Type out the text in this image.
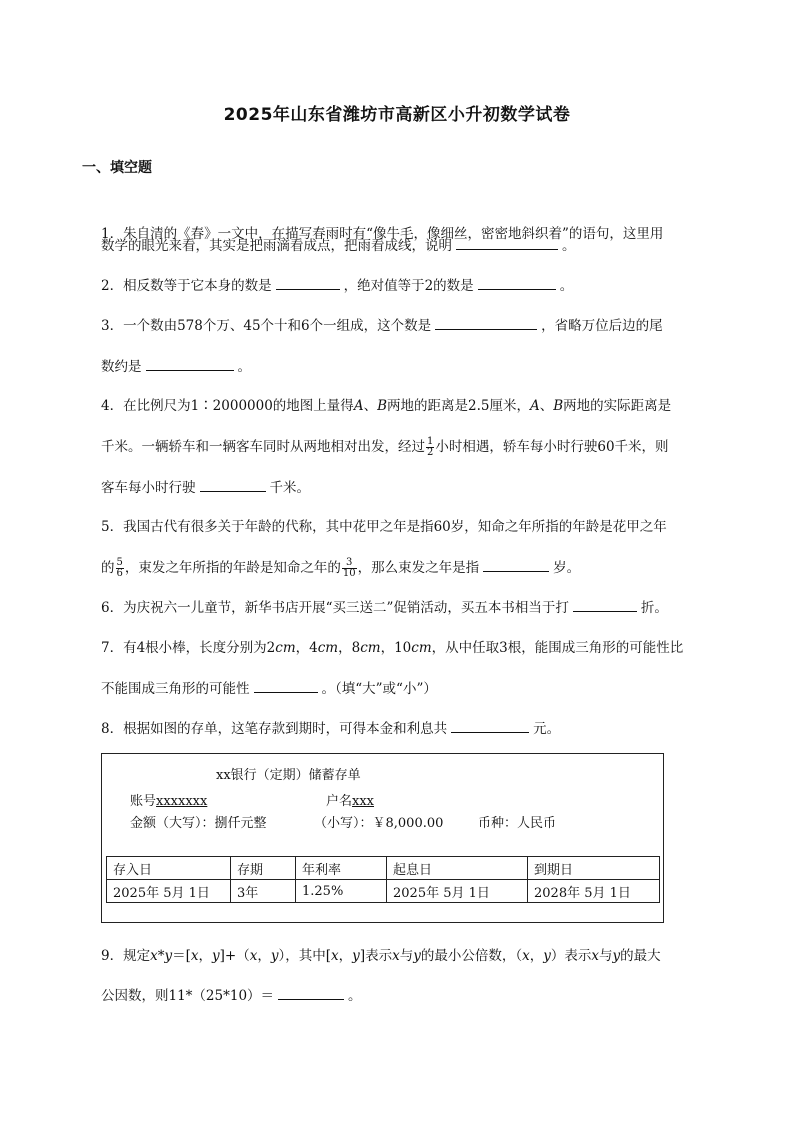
2025年山东省潍坊市高新区小升初数学试卷
一、填空题
1．朱自清的《春》一文中，在描写春雨时有“像牛毛，像细丝，密密地斜织着”的语句，这里用
数学的眼光来看，其实是把雨滴看成点，把雨看成线，说明	。
2．相反数等于它本身的数是	，绝对值等于2的数是	。
3．一个数由578个万、45个十和6个一组成，这个数是	，省略万位后边的尾
数约是	。
4．在比例尺为1∶2000000的地图上量得A、B两地的距离是2.5厘米，A、B两地的实际距离是
千米。一辆轿车和一辆客车同时从两地相对出发，经过 $\frac{1}{2}$ 小时相遇，轿车每小时行驶60千米，则
客车每小时行驶	千米。
5．我国古代有很多关于年龄的代称，其中花甲之年是指60岁，知命之年所指的年龄是花甲之年
的 $\frac{5}{6}$ ，束发之年所指的年龄是知命之年的 $\frac{3}{10}$ ，那么束发之年是指	岁。
6．为庆祝六一儿童节，新华书店开展“买三送二”促销活动，买五本书相当于打	折。
7．有4根小棒，长度分别为2cm，4cm，8cm，10cm，从中任取3根，能围成三角形的可能性比
不能围成三角形的可能性	。（填“大”或“小”）
8．根据如图的存单，这笔存款到期时，可得本金和利息共	元。
xx银行（定期）储蓄存单
账号xxxxxxx	户名xxx
金额（大写）：捌仟元整	（小写）：￥8,000.00	币种：人民币
存入日	存期	年利率	起息日	到期日
2025年 5月 1日	3年	1.25%	2025年 5月 1日	2028年 5月 1日
9．规定x*y＝[x，y]+（x，y），其中[x，y]表示x与y的最小公倍数，（x，y）表示x与y的最大
公因数，则11*（25*10）＝	。
